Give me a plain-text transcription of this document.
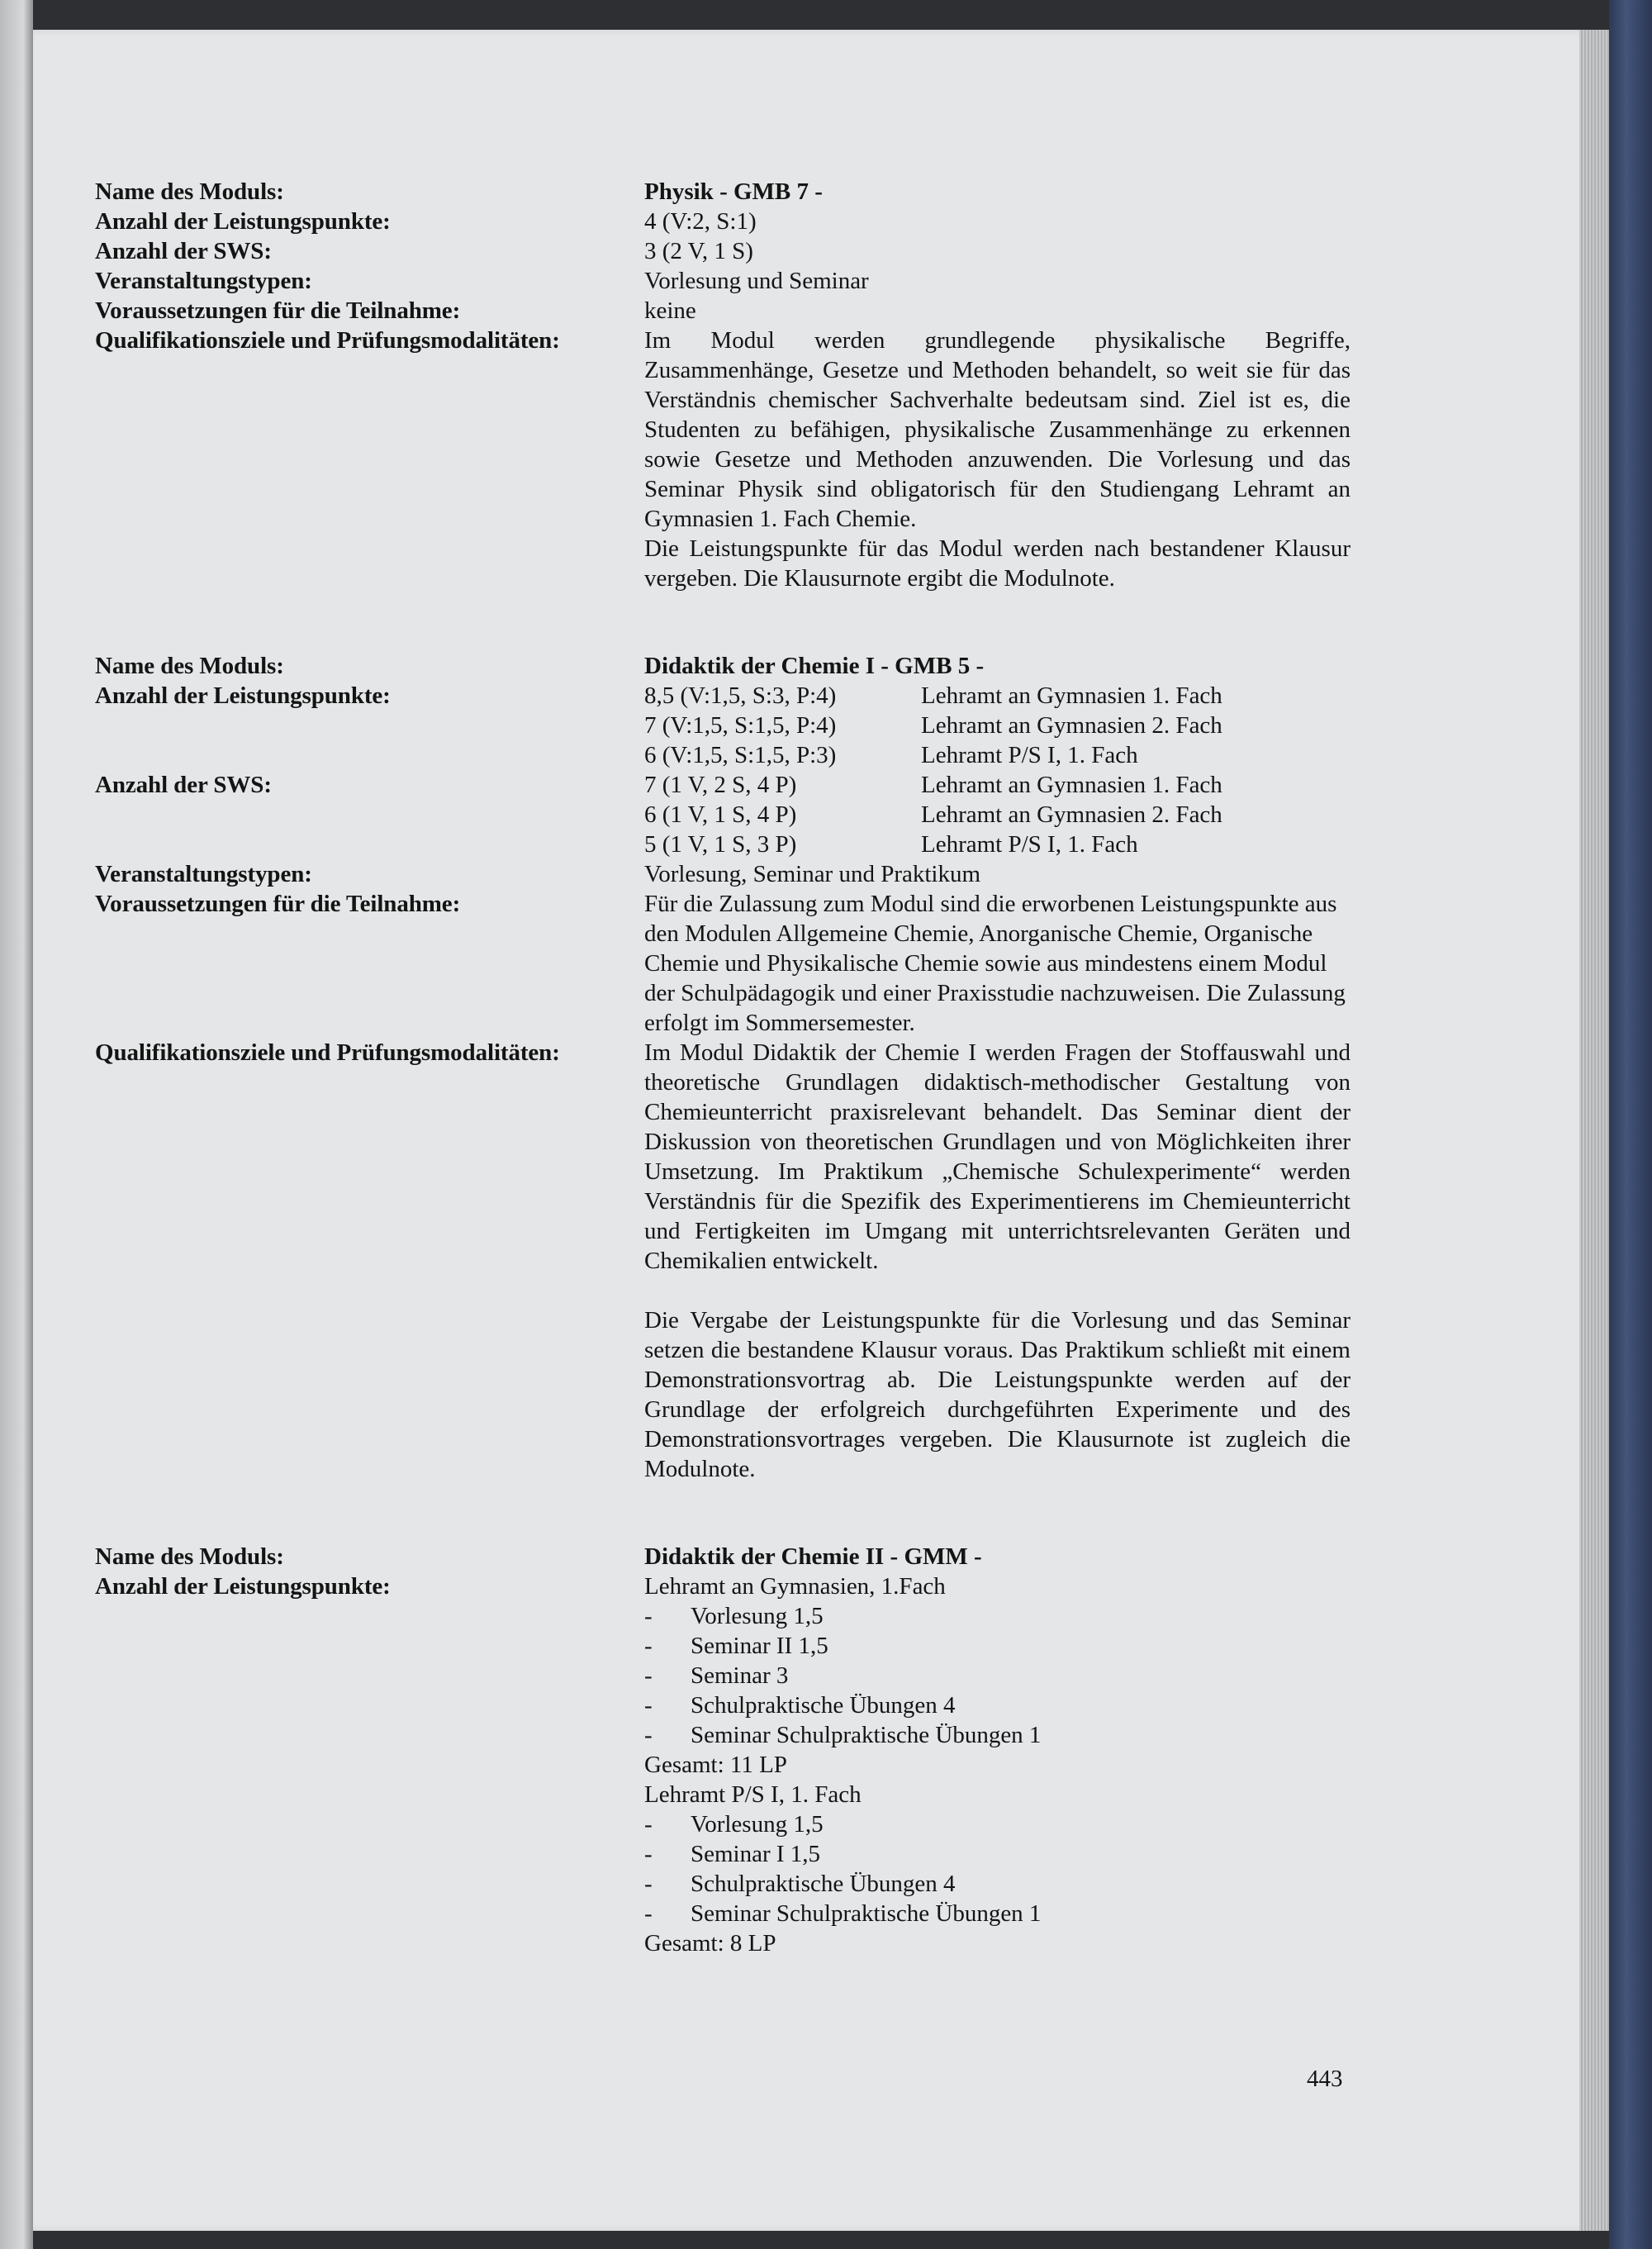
Name des Moduls:	Physik - GMB 7 -
Anzahl der Leistungspunkte:	4 (V:2, S:1)
Anzahl der SWS:	3 (2 V, 1 S)
Veranstaltungstypen:	Vorlesung und Seminar
Voraussetzungen für die Teilnahme:	keine
Qualifikationsziele und Prüfungsmodalitäten:	Im Modul werden grundlegende physikalische Begriffe, Zusammenhänge, Gesetze und Methoden behandelt, so weit sie für das Verständnis chemischer Sachverhalte bedeutsam sind. Ziel ist es, die Studenten zu befähigen, physikalische Zusammenhänge zu erkennen sowie Gesetze und Methoden anzuwenden. Die Vorlesung und das Seminar Physik sind obligatorisch für den Studiengang Lehramt an Gymnasien 1. Fach Chemie.
Die Leistungspunkte für das Modul werden nach bestandener Klausur vergeben. Die Klausurnote ergibt die Modulnote.
Name des Moduls:	Didaktik der Chemie I - GMB 5 -
Anzahl der Leistungspunkte:	8,5 (V:1,5, S:3, P:4)	Lehramt an Gymnasien 1. Fach
7 (V:1,5, S:1,5, P:4)	Lehramt an Gymnasien 2. Fach
6 (V:1,5, S:1,5, P:3)	Lehramt P/S I, 1. Fach
Anzahl der SWS:	7 (1 V, 2 S, 4 P)	Lehramt an Gymnasien 1. Fach
6 (1 V, 1 S, 4 P)	Lehramt an Gymnasien 2. Fach
5 (1 V, 1 S, 3 P)	Lehramt P/S I, 1. Fach
Veranstaltungstypen:	Vorlesung, Seminar und Praktikum
Voraussetzungen für die Teilnahme:	Für die Zulassung zum Modul sind die erworbenen Leistungspunkte aus den Modulen Allgemeine Chemie, Anorganische Chemie, Organische Chemie und Physikalische Chemie sowie aus mindestens einem Modul der Schulpädagogik und einer Praxisstudie nachzuweisen. Die Zulassung erfolgt im Sommersemester.
Qualifikationsziele und Prüfungsmodalitäten:	Im Modul Didaktik der Chemie I werden Fragen der Stoffauswahl und theoretische Grundlagen didaktisch-methodischer Gestaltung von Chemieunterricht praxisrelevant behandelt. Das Seminar dient der Diskussion von theoretischen Grundlagen und von Möglichkeiten ihrer Umsetzung. Im Praktikum „Chemische Schulexperimente“ werden Verständnis für die Spezifik des Experimentierens im Chemieunterricht und Fertigkeiten im Umgang mit unterrichtsrelevanten Geräten und Chemikalien entwickelt.
Die Vergabe der Leistungspunkte für die Vorlesung und das Seminar setzen die bestandene Klausur voraus. Das Praktikum schließt mit einem Demonstrationsvortrag ab. Die Leistungspunkte werden auf der Grundlage der erfolgreich durchgeführten Experimente und des Demonstrationsvortrages vergeben. Die Klausurnote ist zugleich die Modulnote.
Name des Moduls:	Didaktik der Chemie II - GMM -
Anzahl der Leistungspunkte:	Lehramt an Gymnasien, 1.Fach
-	Vorlesung 1,5
-	Seminar II 1,5
-	Seminar 3
-	Schulpraktische Übungen 4
-	Seminar Schulpraktische Übungen 1
Gesamt: 11 LP
Lehramt P/S I, 1. Fach
-	Vorlesung 1,5
-	Seminar I 1,5
-	Schulpraktische Übungen 4
-	Seminar Schulpraktische Übungen 1
Gesamt: 8 LP
443
